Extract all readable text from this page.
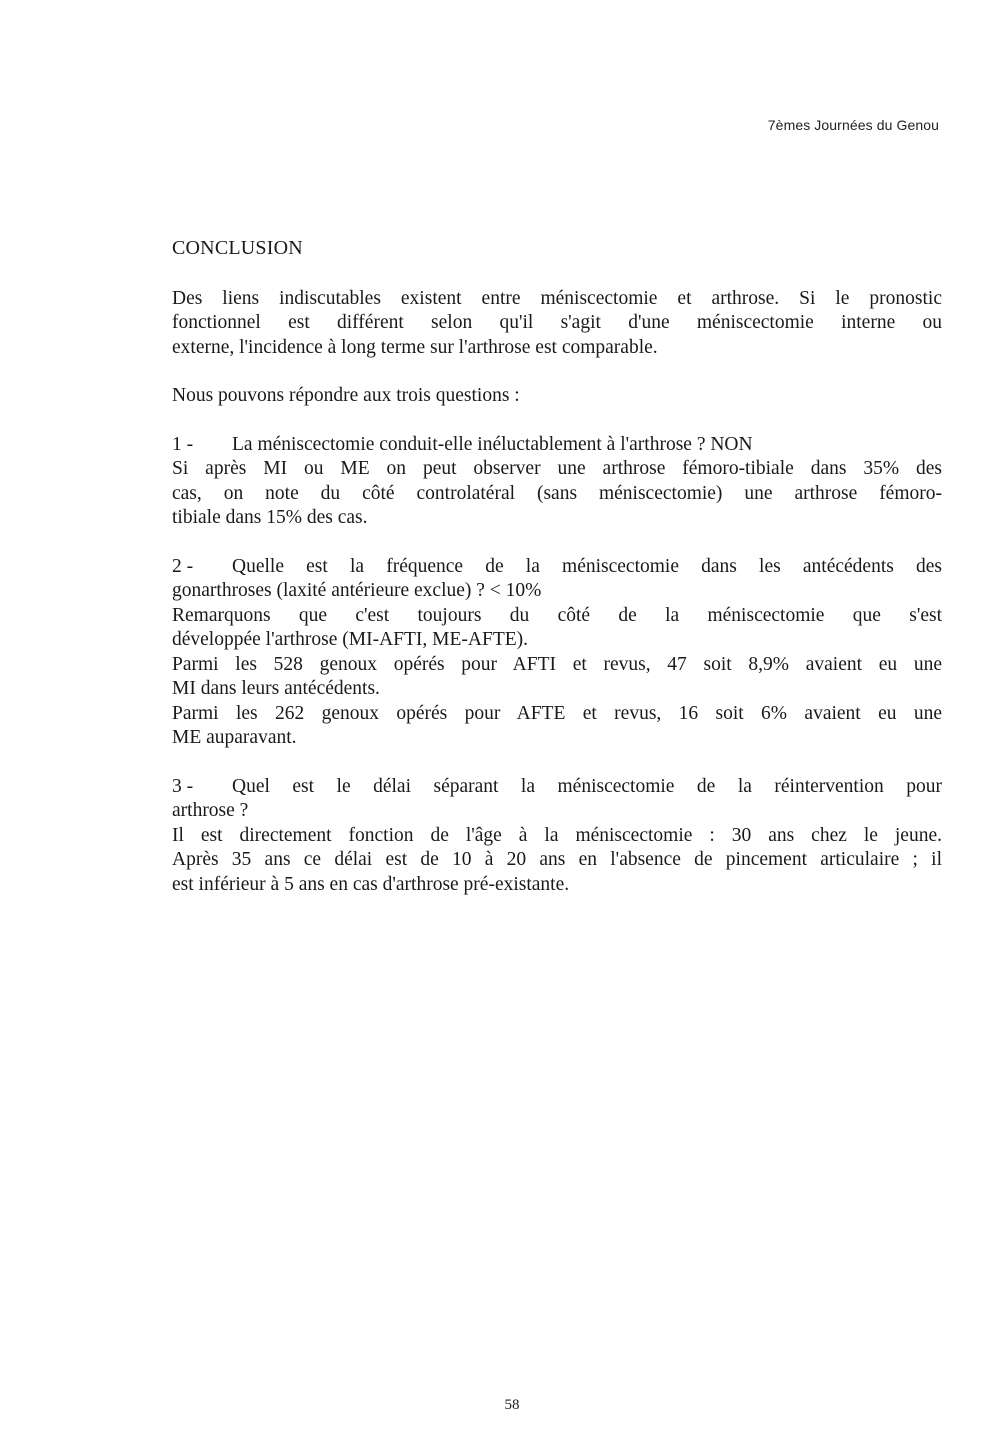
7èmes Journées du Genou
CONCLUSION
Des liens indiscutables existent entre méniscectomie et arthrose. Si le pronostic
fonctionnel est différent selon qu'il s'agit d'une méniscectomie interne ou
externe, l'incidence à long terme sur l'arthrose est comparable.
Nous pouvons répondre aux trois questions :
1 -	La méniscectomie conduit-elle inéluctablement à l'arthrose ? NON
Si après MI ou ME on peut observer une arthrose fémoro-tibiale dans 35% des
cas, on note du côté controlatéral (sans méniscectomie) une arthrose fémoro-
tibiale dans 15% des cas.
2 -	Quelle est la fréquence de la méniscectomie dans les antécédents des
gonarthroses (laxité antérieure exclue) ? < 10%
Remarquons que c'est toujours du côté de la méniscectomie que s'est
développée l'arthrose (MI-AFTI, ME-AFTE).
Parmi les 528 genoux opérés pour AFTI et revus, 47 soit 8,9% avaient eu une
MI dans leurs antécédents.
Parmi les 262 genoux opérés pour AFTE et revus, 16 soit 6% avaient eu une
ME auparavant.
3 -	Quel est le délai séparant la méniscectomie de la réintervention pour
arthrose ?
Il est directement fonction de l'âge à la méniscectomie : 30 ans chez le jeune.
Après 35 ans ce délai est de 10 à 20 ans en l'absence de pincement articulaire ; il
est inférieur à 5 ans en cas d'arthrose pré-existante.
58
